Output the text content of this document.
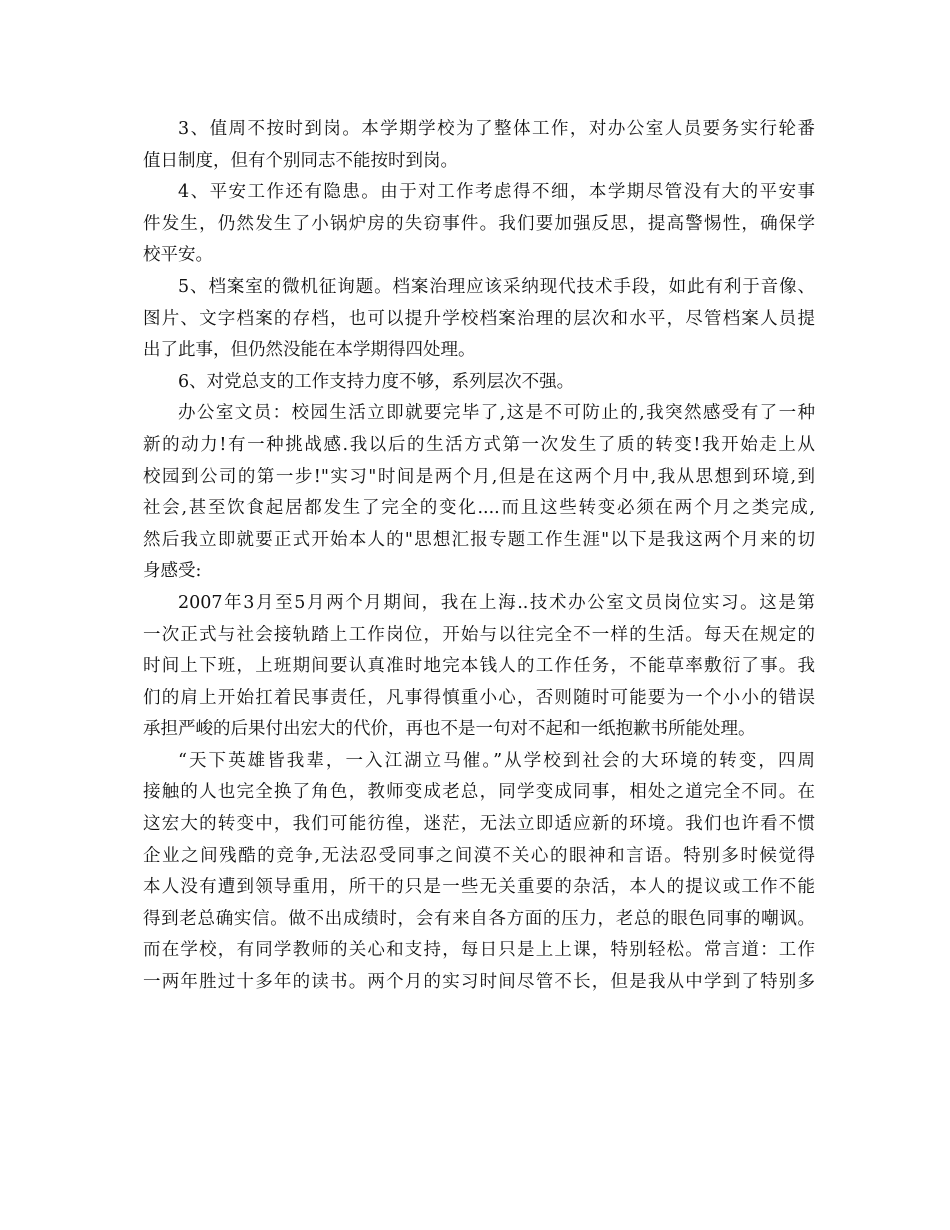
3、值周不按时到岗。本学期学校为了整体工作，对办公室人员要务实行轮番
值日制度，但有个别同志不能按时到岗。
4、平安工作还有隐患。由于对工作考虑得不细，本学期尽管没有大的平安事
件发生，仍然发生了小锅炉房的失窃事件。我们要加强反思，提高警惕性，确保学
校平安。
5、档案室的微机征询题。档案治理应该采纳现代技术手段，如此有利于音像、
图片、文字档案的存档，也可以提升学校档案治理的层次和水平，尽管档案人员提
出了此事，但仍然没能在本学期得四处理。
6、对党总支的工作支持力度不够，系列层次不强。
办公室文员：校园生活立即就要完毕了,这是不可防止的,我突然感受有了一种
新的动力!有一种挑战感.我以后的生活方式第一次发生了质的转变!我开始走上从
校园到公司的第一步!"实习"时间是两个月,但是在这两个月中,我从思想到环境,到
社会,甚至饮食起居都发生了完全的变化....而且这些转变必须在两个月之类完成,
然后我立即就要正式开始本人的"思想汇报专题工作生涯"以下是我这两个月来的切
身感受:
2007年3月至5月两个月期间，我在上海..技术办公室文员岗位实习。这是第
一次正式与社会接轨踏上工作岗位，开始与以往完全不一样的生活。每天在规定的
时间上下班，上班期间要认真准时地完本钱人的工作任务，不能草率敷衍了事。我
们的肩上开始扛着民事责任，凡事得慎重小心，否则随时可能要为一个小小的错误
承担严峻的后果付出宏大的代价，再也不是一句对不起和一纸抱歉书所能处理。
“天下英雄皆我辈，一入江湖立马催。”从学校到社会的大环境的转变，四周
接触的人也完全换了角色，教师变成老总，同学变成同事，相处之道完全不同。在
这宏大的转变中，我们可能彷徨，迷茫，无法立即适应新的环境。我们也许看不惯
企业之间残酷的竞争,无法忍受同事之间漠不关心的眼神和言语。特别多时候觉得
本人没有遭到领导重用，所干的只是一些无关重要的杂活，本人的提议或工作不能
得到老总确实信。做不出成绩时，会有来自各方面的压力，老总的眼色同事的嘲讽。
而在学校，有同学教师的关心和支持，每日只是上上课，特别轻松。常言道：工作
一两年胜过十多年的读书。两个月的实习时间尽管不长，但是我从中学到了特别多
